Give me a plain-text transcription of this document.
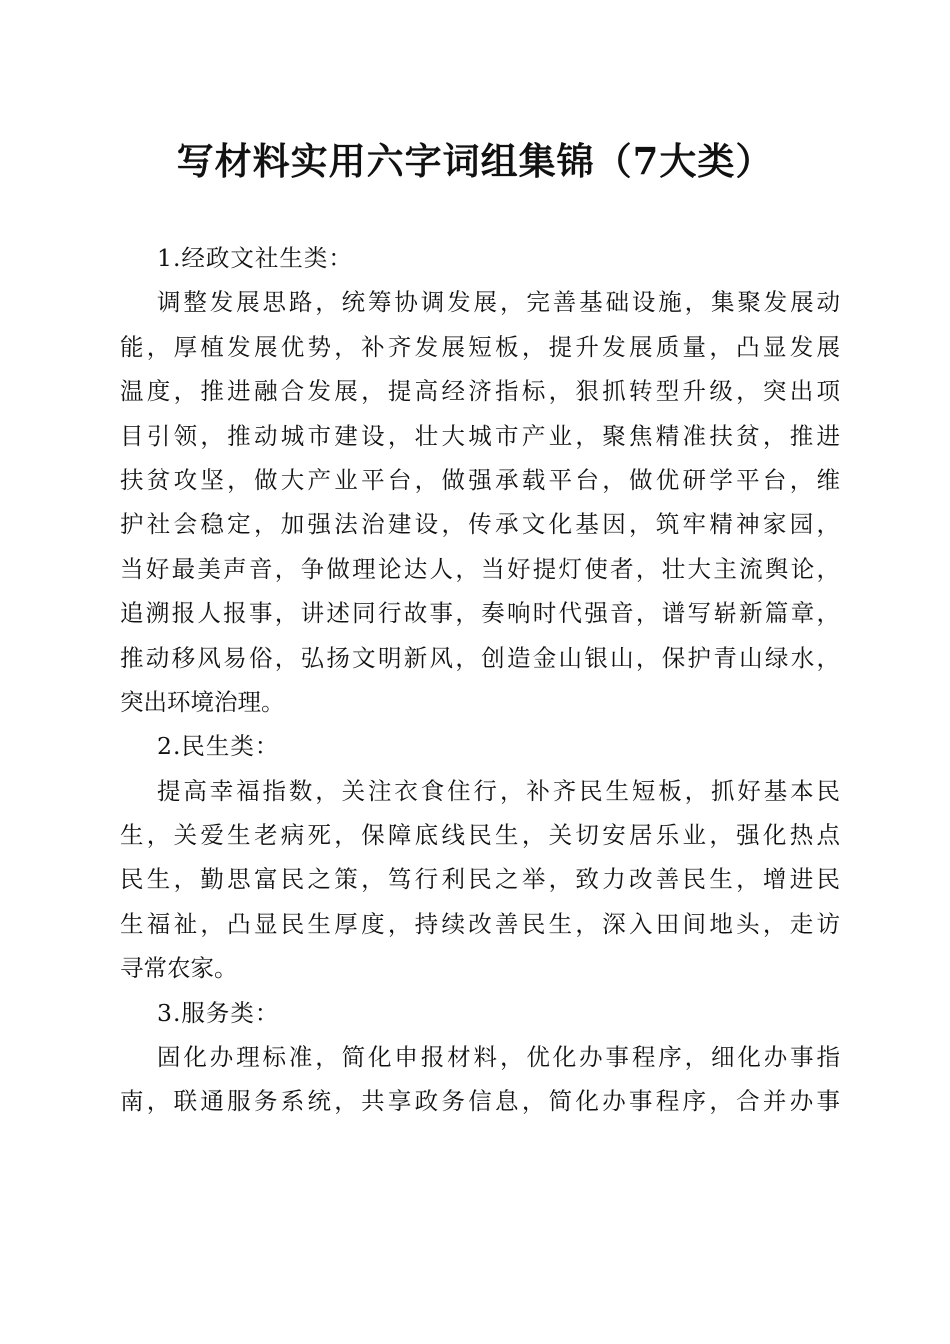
写材料实用六字词组集锦（7大类）
1.经政文社生类：
调整发展思路，统筹协调发展，完善基础设施，集聚发展动
能，厚植发展优势，补齐发展短板，提升发展质量，凸显发展
温度，推进融合发展，提高经济指标，狠抓转型升级，突出项
目引领，推动城市建设，壮大城市产业，聚焦精准扶贫，推进
扶贫攻坚，做大产业平台，做强承载平台，做优研学平台，维
护社会稳定，加强法治建设，传承文化基因，筑牢精神家园，
当好最美声音，争做理论达人，当好提灯使者，壮大主流舆论，
追溯报人报事，讲述同行故事，奏响时代强音，谱写崭新篇章，
推动移风易俗，弘扬文明新风，创造金山银山，保护青山绿水，
突出环境治理。
2.民生类：
提高幸福指数，关注衣食住行，补齐民生短板，抓好基本民
生，关爱生老病死，保障底线民生，关切安居乐业，强化热点
民生，勤思富民之策，笃行利民之举，致力改善民生，增进民
生福祉，凸显民生厚度，持续改善民生，深入田间地头，走访
寻常农家。
3.服务类：
固化办理标准，简化申报材料，优化办事程序，细化办事指
南，联通服务系统，共享政务信息，简化办事程序，合并办事
